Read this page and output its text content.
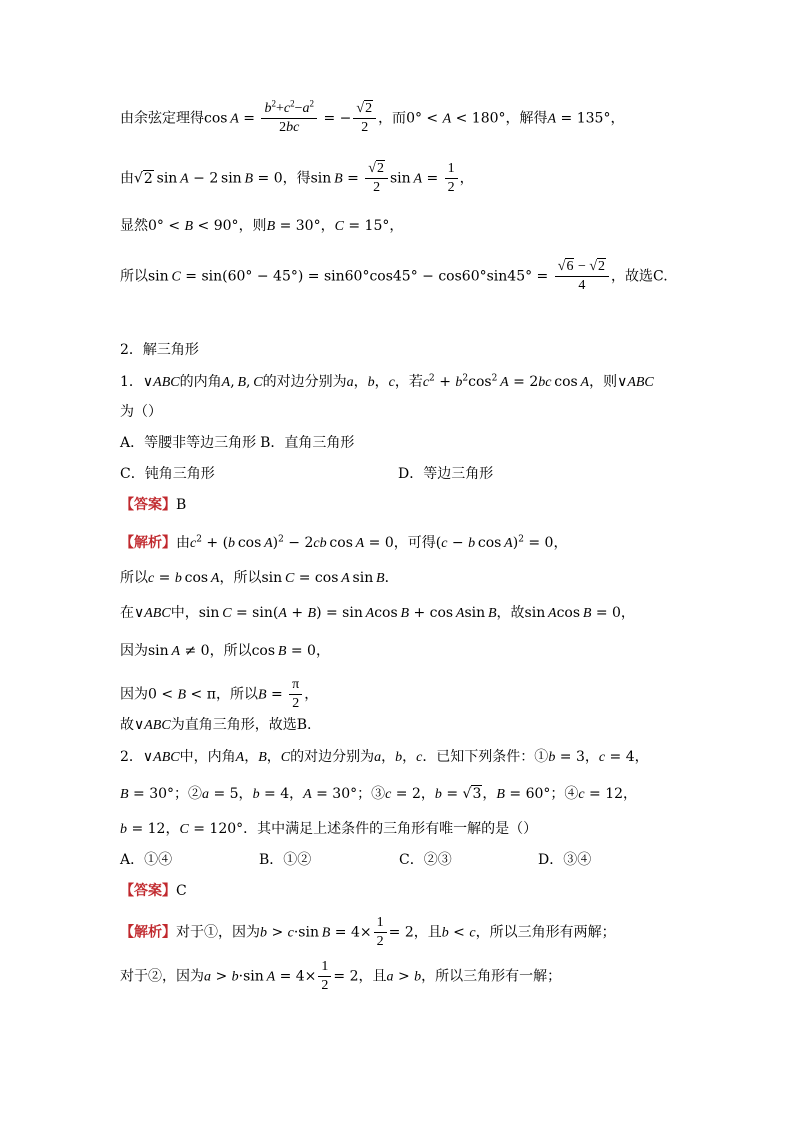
由余弦定理得$\cos A = \frac{b^2+c^2-a^2}{2bc}$ = − $\frac{√2}{2}$ ，而0° < A < 180°，解得A = 135°，
由√2 sin A − 2 sin B = 0，得$\sin B = \frac{√2}{2}$ $\sin A = \frac{1}{2}$ ，
显然0° < B < 90°，则B = 30°，C = 15°，
所以$\sin C = \sin(60^\circ - 45^\circ) = \sin 60^\circ\cos 45^\circ - \cos 60^\circ\sin 45^\circ = \frac{√6 - √2}{4}$ ，故选C.
2．解三角形
1．∨ABC的内角A, B, C的对边分别为a，b，c，若$c^2 + b^2\cos^2$  A = 2bc cos A，则∨ABC
为（）
A．等腰非等边三角形 B．直角三角形
C．钝角三角形	D．等边三角形
【答案】B
【解析】由$c^2 + (b$ cos A)$^2$ − 2cb cos A = 0，可得(c − b cos A)$^2$ = 0，
所以c = b cos A，所以sin C = cos A sin B．
在∨ABC中，sin C = sin(A + B) = sin Acos B + cos Asin B，故sin Acos B = 0，
因为sin A ≠ 0，所以cos B = 0，
因为0 < B < π，所以$B = \frac{\pi}{2}$ ，
故∨ABC为直角三角形，故选B.
2．∨ABC中，内角A，B，C的对边分别为a，b，c．已知下列条件：①b = 3，c = 4，
B = 30°；②a = 5，b = 4，A = 30°；③c = 2，b = √3，B = 60°；④c = 12，
b = 12，C = 120°．其中满足上述条件的三角形有唯一解的是（）
A．①④	B．①②	C．②③	D．③④
【答案】C
【解析】对于①，因为b > c·sin $B = 4\times \frac{1}{2} = 2$，且b < c，所以三角形有两解；
对于②，因为a > b·sin $A = 4\times \frac{1}{2} = 2$，且a > b，所以三角形有一解；
